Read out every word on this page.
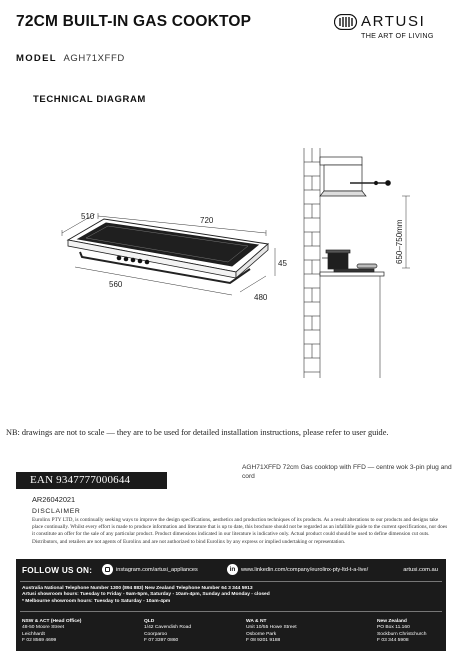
72CM BUILT-IN GAS COOKTOP	ARTUSI
THE ART OF LIVING
MODEL AGH71XFFD
TECHNICAL DIAGRAM
720
510
45
560
480
650–750mm
NB: drawings are not to scale — they are to be used for detailed installation instructions, please refer to user guide.
EAN 9347777000644
AGH71XFFD 72cm Gas cooktop with FFD — centre wok 3-pin plug and cord
AR26042021
DISCLAIMER
Eurolinx PTY LTD, is continually seeking ways to improve the design specifications, aesthetics and production techniques of its products. As a result alterations to our products and designs take place continually. Whilst every effort is made to produce information and literature that is up to date, this brochure should not be regarded as an infallible guide to the current specifications, nor does it constitute an offer for the sale of any particular product. Product dimensions indicated in our literature is indicative only. Actual product could should be used to define dimension cut outs. Distributors, and retailers are not agents of Eurolinx and are not authorized to bind Eurolinx by any express or implied undertaking or representation.
FOLLOW US ON:	instagram.com/artusi_appliances	in	www.linkedin.com/company/eurolinx-pty-ltd-t-a-live/	artusi.com.au
Australia National Telephone Number 1300 (894 883) New Zealand Telephone Number 64 3 344 5913
Artusi showroom hours: Tuesday to Friday - 9am-5pm, Saturday - 10am-4pm, Sunday and Monday - closed
* Melbourne showroom hours: Tuesday to Saturday - 10am-4pm
NSW & ACT (Head Office)
48-50 Moore Street
Leichhardt
F 02 8569 4699
QLD
1/42 Cavendish Road
Coorparoo
F 07 3397 0860
WA & NT
Unit 10/55 Howe Street
Osborne Park
F 08 9201 9188
New Zealand
PO Box 11.160
Sockburn Christchurch
F 03 344 5908
